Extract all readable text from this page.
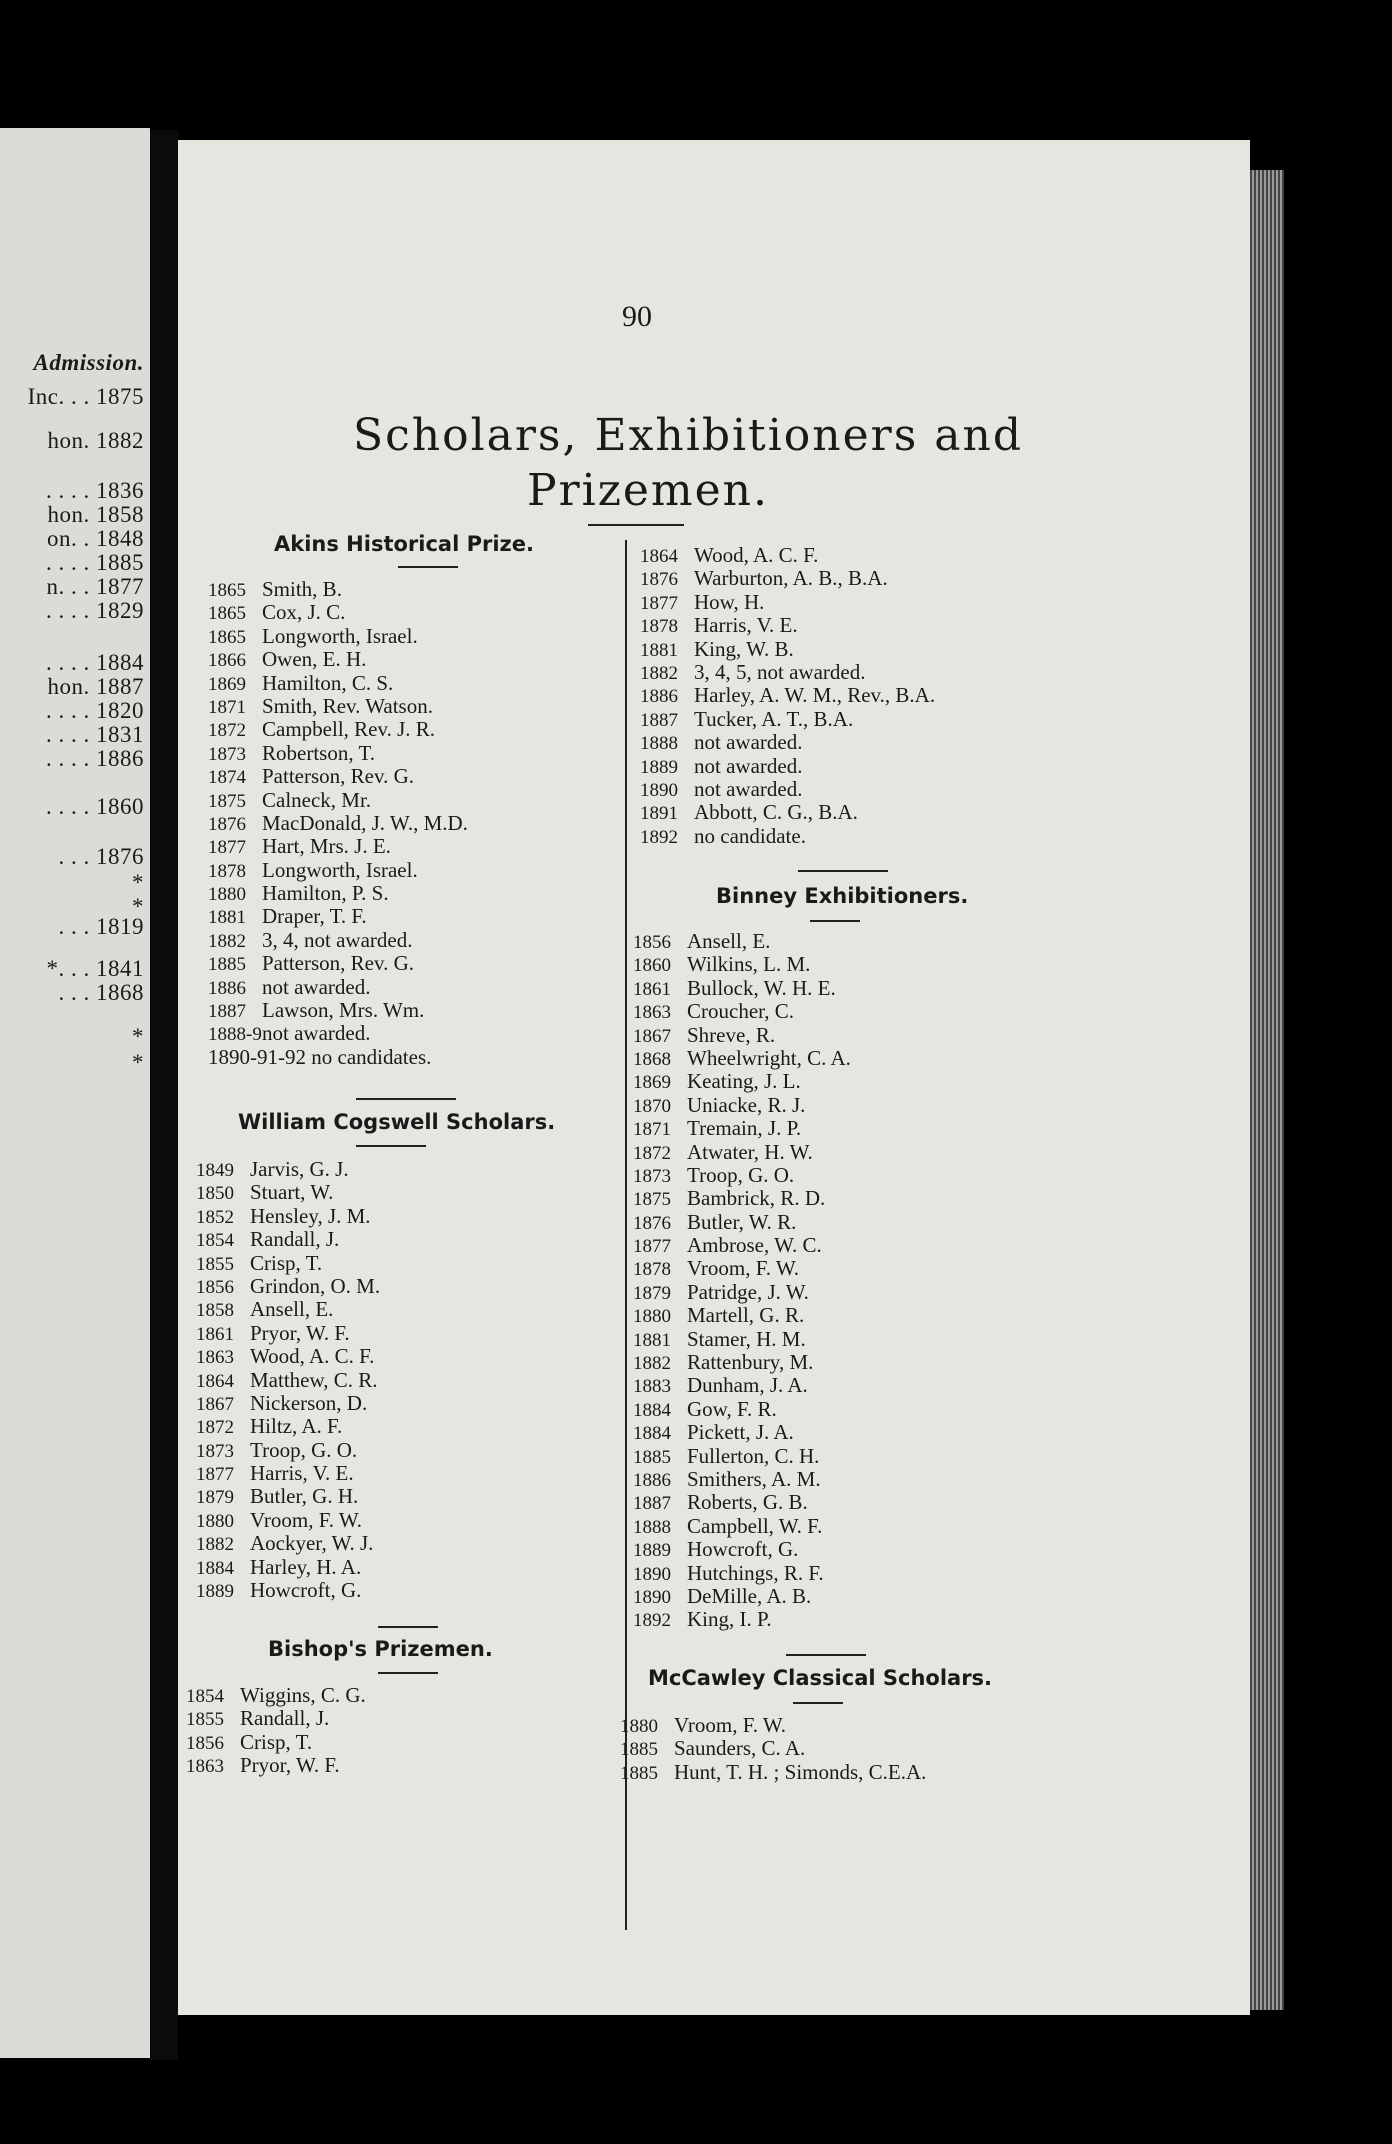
Admission.
Inc. . . 1875
hon. 1882
. . . . 1836
hon. 1858
on. . 1848
. . . . 1885
n. . . 1877
. . . . 1829
. . . . 1884
hon. 1887
. . . . 1820
. . . . 1831
. . . . 1886
. . . . 1860
. . . 1876
*
*
. . . 1819
*. . . 1841
. . . 1868
*
*
90
Scholars, Exhibitioners and
Prizemen.
Akins Historical Prize.
1865 Smith, B.
1865 Cox, J. C.
1865 Longworth, Israel.
1866 Owen, E. H.
1869 Hamilton, C. S.
1871 Smith, Rev. Watson.
1872 Campbell, Rev. J. R.
1873 Robertson, T.
1874 Patterson, Rev. G.
1875 Calneck, Mr.
1876 MacDonald, J. W., M.D.
1877 Hart, Mrs. J. E.
1878 Longworth, Israel.
1880 Hamilton, P. S.
1881 Draper, T. F.
1882 3, 4, not awarded.
1885 Patterson, Rev. G.
1886 not awarded.
1887 Lawson, Mrs. Wm.
1888-9not awarded.
1890-91-92 no candidates.
William Cogswell Scholars.
1849 Jarvis, G. J.
1850 Stuart, W.
1852 Hensley, J. M.
1854 Randall, J.
1855 Crisp, T.
1856 Grindon, O. M.
1858 Ansell, E.
1861 Pryor, W. F.
1863 Wood, A. C. F.
1864 Matthew, C. R.
1867 Nickerson, D.
1872 Hiltz, A. F.
1873 Troop, G. O.
1877 Harris, V. E.
1879 Butler, G. H.
1880 Vroom, F. W.
1882 Aockyer, W. J.
1884 Harley, H. A.
1889 Howcroft, G.
Bishop's Prizemen.
1854 Wiggins, C. G.
1855 Randall, J.
1856 Crisp, T.
1863 Pryor, W. F.
1864 Wood, A. C. F.
1876 Warburton, A. B., B.A.
1877 How, H.
1878 Harris, V. E.
1881 King, W. B.
1882 3, 4, 5, not awarded.
1886 Harley, A. W. M., Rev., B.A.
1887 Tucker, A. T., B.A.
1888 not awarded.
1889 not awarded.
1890 not awarded.
1891 Abbott, C. G., B.A.
1892 no candidate.
Binney Exhibitioners.
1856 Ansell, E.
1860 Wilkins, L. M.
1861 Bullock, W. H. E.
1863 Croucher, C.
1867 Shreve, R.
1868 Wheelwright, C. A.
1869 Keating, J. L.
1870 Uniacke, R. J.
1871 Tremain, J. P.
1872 Atwater, H. W.
1873 Troop, G. O.
1875 Bambrick, R. D.
1876 Butler, W. R.
1877 Ambrose, W. C.
1878 Vroom, F. W.
1879 Patridge, J. W.
1880 Martell, G. R.
1881 Stamer, H. M.
1882 Rattenbury, M.
1883 Dunham, J. A.
1884 Gow, F. R.
1884 Pickett, J. A.
1885 Fullerton, C. H.
1886 Smithers, A. M.
1887 Roberts, G. B.
1888 Campbell, W. F.
1889 Howcroft, G.
1890 Hutchings, R. F.
1890 DeMille, A. B.
1892 King, I. P.
McCawley Classical Scholars.
1880 Vroom, F. W.
1885 Saunders, C. A.
1885 Hunt, T. H. ; Simonds, C.E.A.
